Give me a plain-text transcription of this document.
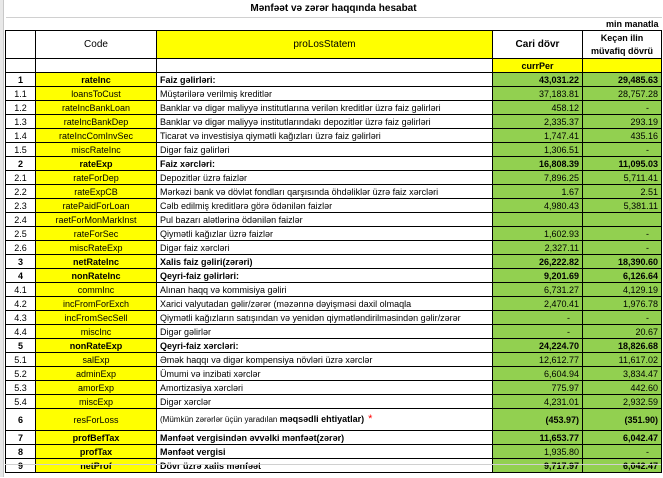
Mənfəət və zərər haqqında hesabat				
			min manatla	
	Code	proLosStatem	Cari dövr	Keçən ilin
müvafiq dövrü

			currPer	
1	rateInc	Faiz gəlirləri:	43,031.22	29,485.63
1.1	loansToCust	Müştərilərə verilmiş kreditlər	37,183.81	28,757.28
1.2	rateIncBankLoan	Banklar və digər maliyyə institutlarına verilən kreditlər üzrə faiz gəlirləri	458.12	-
1.3	rateIncBankDep	Banklar və digər maliyyə institutlarındakı depozitlər üzrə faiz gəlirləri	2,335.37	293.19
1.4	rateIncComInvSec	Ticarət və investisiya qiymətli kağızları üzrə faiz gəlirləri	1,747.41	435.16
1.5	miscRateInc	Digər faiz gəlirləri	1,306.51	-
2	rateExp	Faiz xərcləri:	16,808.39	11,095.03
2.1	rateForDep	Depozitlər üzrə faizlər	7,896.25	5,711.41
2.2	rateExpCB	Mərkəzi bank və dövlət fondları qarşısında öhdəliklər üzrə faiz xərcləri	1.67	2.51
2.3	ratePaidForLoan	Cəlb edilmiş kreditlərə görə ödənilən faizlər	4,980.43	5,381.11
2.4	raetForMonMarkInst	Pul bazarı alətlərinə ödənilən faizlər		
2.5	rateForSec	Qiymətli kağızlar üzrə faizlər	1,602.93	-
2.6	miscRateExp	Digər faiz xərcləri	2,327.11	-
3	netRateInc	Xalis faiz gəliri(zərəri)	26,222.82	18,390.60
4	nonRateInc	Qeyri-faiz gəlirləri:	9,201.69	6,126.64
4.1	commInc	Alınan haqq və kommisiya gəliri	6,731.27	4,129.19
4.2	incFromForExch	Xarici valyutadan gəlir/zərər (məzənnə dəyişməsi daxil olmaqla	2,470.41	1,976.78
4.3	incFromSecSell	Qiymətli kağızların satışından və yenidən qiymətləndirilməsindən gəlir/zərər	-	-
4.4	miscInc	Digər gəlirlər	-	20.67
5	nonRateExp	Qeyri-faiz xərcləri:	24,224.70	18,826.68
5.1	salExp	Əmək haqqı və digər kompensiya növləri üzrə xərclər	12,612.77	11,617.02
5.2	adminExp	Ümumi və inzibati xərclər	6,604.94	3,834.47
5.3	amorExp	Amortizasiya xərcləri	775.97	442.60
5.4	miscExp	Digər xərclər	4,231.01	2,932.59
6	resForLoss	(Mümkün zərərlər üçün yaradılan məqsədli ehtiyatlar) *	(453.97)	(351.90)
7	profBefTax	Mənfəət vergisindən əvvəlki mənfəət(zərər)	11,653.77	6,042.47
8	profTax	Mənfəət vergisi	1,935.80	-
9	netProf	Dövr üzrə xalis mənfəət	9,717.97	6,042.47
